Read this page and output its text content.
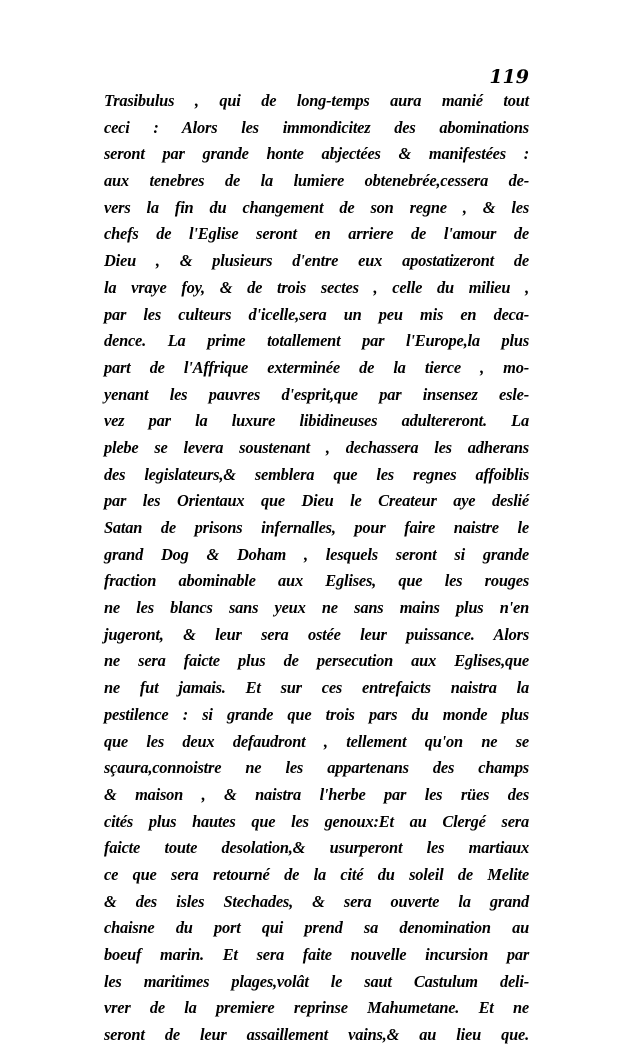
119
Trasibulus , qui de long-temps aura manié tout
ceci : Alors les immondicitez des abominations
seront par grande honte abjectées & manifestées :
aux tenebres de la lumiere obtenebrée,cessera de-
vers la fin du changement de son regne , & les
chefs de l'Eglise seront en arriere de l'amour de
Dieu , & plusieurs d'entre eux apostatizeront de
la vraye foy, & de trois sectes , celle du milieu ,
par les culteurs d'icelle,sera un peu mis en deca-
dence. La prime totallement par l'Europe,la plus
part de l'Affrique exterminée de la tierce , mo-
yenant les pauvres d'esprit,que par insensez esle-
vez par la luxure libidineuses adultereront. La
plebe se levera soustenant , dechassera les adherans
des legislateurs,& semblera que les regnes affoiblis
par les Orientaux que Dieu le Createur aye deslié
Satan de prisons infernalles, pour faire naistre le
grand Dog & Doham , lesquels seront si grande
fraction abominable aux Eglises, que les rouges
ne les blancs sans yeux ne sans mains plus n'en
jugeront, & leur sera ostée leur puissance. Alors
ne sera faicte plus de persecution aux Eglises,que
ne fut jamais. Et sur ces entrefaicts naistra la
pestilence : si grande que trois pars du monde plus
que les deux defaudront , tellement qu'on ne se
sçaura,connoistre ne les appartenans des champs
& maison , & naistra l'herbe par les rües des
cités plus hautes que les genoux:Et au Clergé sera
faicte toute desolation,& usurperont les martiaux
ce que sera retourné de la cité du soleil de Melite
& des isles Stechades, & sera ouverte la grand
chaisne du port qui prend sa denomination au
boeuf marin. Et sera faite nouvelle incursion par
les maritimes plages,volât le saut Castulum deli-
vrer de la premiere reprinse Mahumetane. Et ne
seront de leur assaillement vains,& au lieu que.
